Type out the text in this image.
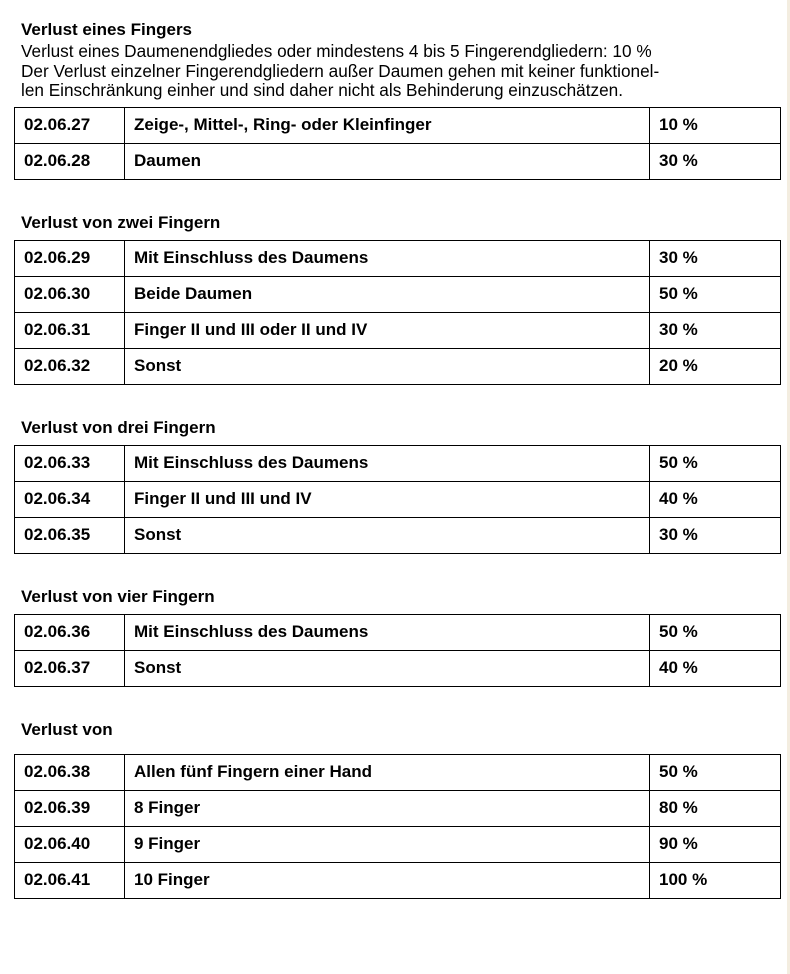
Verlust eines Fingers
Verlust eines Daumenendgliedes oder mindestens 4 bis 5 Fingerendgliedern: 10 %
Der Verlust einzelner Fingerendgliedern außer Daumen gehen mit keiner funktionel-
len Einschränkung einher und sind daher nicht als Behinderung einzuschätzen.
02.06.27	Zeige-, Mittel-, Ring- oder Kleinfinger	10 %
02.06.28	Daumen	30 %
Verlust von zwei Fingern
02.06.29	Mit Einschluss des Daumens	30 %
02.06.30	Beide Daumen	50 %
02.06.31	Finger II und III oder II und IV	30 %
02.06.32	Sonst	20 %
Verlust von drei Fingern
02.06.33	Mit Einschluss des Daumens	50 %
02.06.34	Finger II und III und IV	40 %
02.06.35	Sonst	30 %
Verlust von vier Fingern
02.06.36	Mit Einschluss des Daumens	50 %
02.06.37	Sonst	40 %
Verlust von
02.06.38	Allen fünf Fingern einer Hand	50 %
02.06.39	8 Finger	80 %
02.06.40	9 Finger	90 %
02.06.41	10 Finger	100 %
